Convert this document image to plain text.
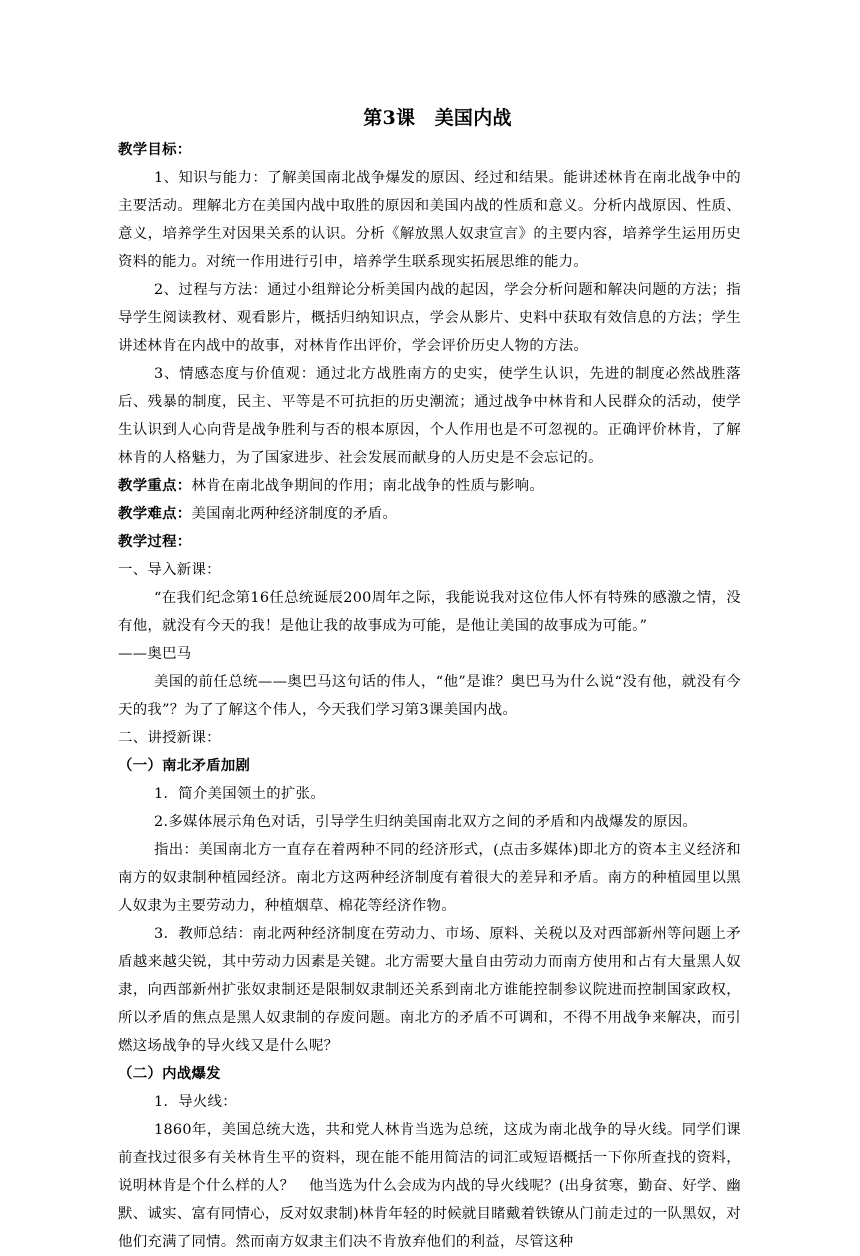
第3课　美国内战

教学目标：

1、知识与能力：了解美国南北战争爆发的原因、经过和结果。能讲述林肯在南北战争中的主要活动。理解北方在美国内战中取胜的原因和美国内战的性质和意义。分析内战原因、性质、意义，培养学生对因果关系的认识。分析《解放黑人奴隶宣言》的主要内容，培养学生运用历史资料的能力。对统一作用进行引申，培养学生联系现实拓展思维的能力。

2、过程与方法：通过小组辩论分析美国内战的起因，学会分析问题和解决问题的方法；指导学生阅读教材、观看影片，概括归纳知识点，学会从影片、史料中获取有效信息的方法；学生讲述林肯在内战中的故事，对林肯作出评价，学会评价历史人物的方法。

3、情感态度与价值观：通过北方战胜南方的史实，使学生认识，先进的制度必然战胜落后、残暴的制度，民主、平等是不可抗拒的历史潮流；通过战争中林肯和人民群众的活动，使学生认识到人心向背是战争胜利与否的根本原因，个人作用也是不可忽视的。正确评价林肯，了解林肯的人格魅力，为了国家进步、社会发展而献身的人历史是不会忘记的。

教学重点：林肯在南北战争期间的作用；南北战争的性质与影响。

教学难点：美国南北两种经济制度的矛盾。

教学过程：

一、导入新课：

“在我们纪念第16任总统诞辰200周年之际，我能说我对这位伟人怀有特殊的感激之情，没有他，就没有今天的我！是他让我的故事成为可能，是他让美国的故事成为可能。”

——奥巴马

美国的前任总统——奥巴马这句话的伟人，“他”是谁？奥巴马为什么说“没有他，就没有今天的我”？为了了解这个伟人，今天我们学习第3课美国内战。

二、讲授新课：

（一）南北矛盾加剧

1．简介美国领土的扩张。

2.多媒体展示角色对话，引导学生归纳美国南北双方之间的矛盾和内战爆发的原因。

指出：美国南北方一直存在着两种不同的经济形式，(点击多媒体)即北方的资本主义经济和南方的奴隶制种植园经济。南北方这两种经济制度有着很大的差异和矛盾。南方的种植园里以黑人奴隶为主要劳动力，种植烟草、棉花等经济作物。

3．教师总结：南北两种经济制度在劳动力、市场、原料、关税以及对西部新州等问题上矛盾越来越尖锐，其中劳动力因素是关键。北方需要大量自由劳动力而南方使用和占有大量黑人奴隶，向西部新州扩张奴隶制还是限制奴隶制还关系到南北方谁能控制参议院进而控制国家政权，所以矛盾的焦点是黑人奴隶制的存废问题。南北方的矛盾不可调和，不得不用战争来解决，而引燃这场战争的导火线又是什么呢？

（二）内战爆发

1．导火线：

1860年，美国总统大选，共和党人林肯当选为总统，这成为南北战争的导火线。同学们课前查找过很多有关林肯生平的资料，现在能不能用简洁的词汇或短语概括一下你所查找的资料，说明林肯是个什么样的人？　他当选为什么会成为内战的导火线呢？(出身贫寒，勤奋、好学、幽默、诚实、富有同情心，反对奴隶制)林肯年轻的时候就目睹戴着铁镣从门前走过的一队黑奴，对他们充满了同情。然而南方奴隶主们决不肯放弃他们的利益，尽管这种
